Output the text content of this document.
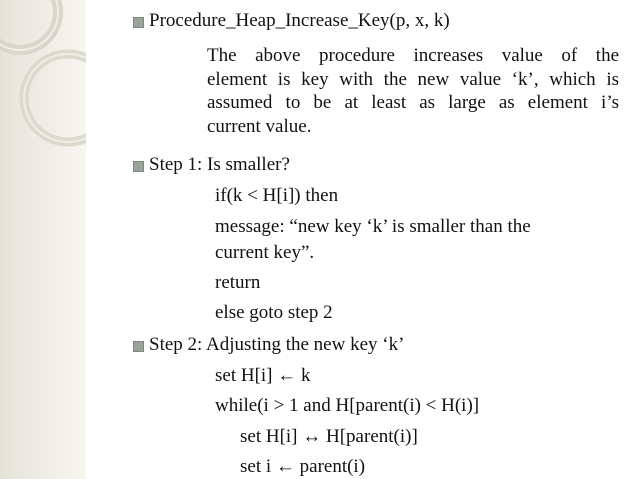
Procedure_Heap_Increase_Key(p, x, k)
The above procedure increases value of the
element is key with the new value ‘k’, which is
assumed to be at least as large as element i’s
current value.
Step 1: Is smaller?
if(k < H[i]) then
message: “new key ‘k’ is smaller than the
current key”.
return
else goto step 2
Step 2: Adjusting the new key ‘k’
set H[i] ← k
while(i > 1 and H[parent(i) < H(i)]
set H[i] ↔ H[parent(i)]
set i ← parent(i)
